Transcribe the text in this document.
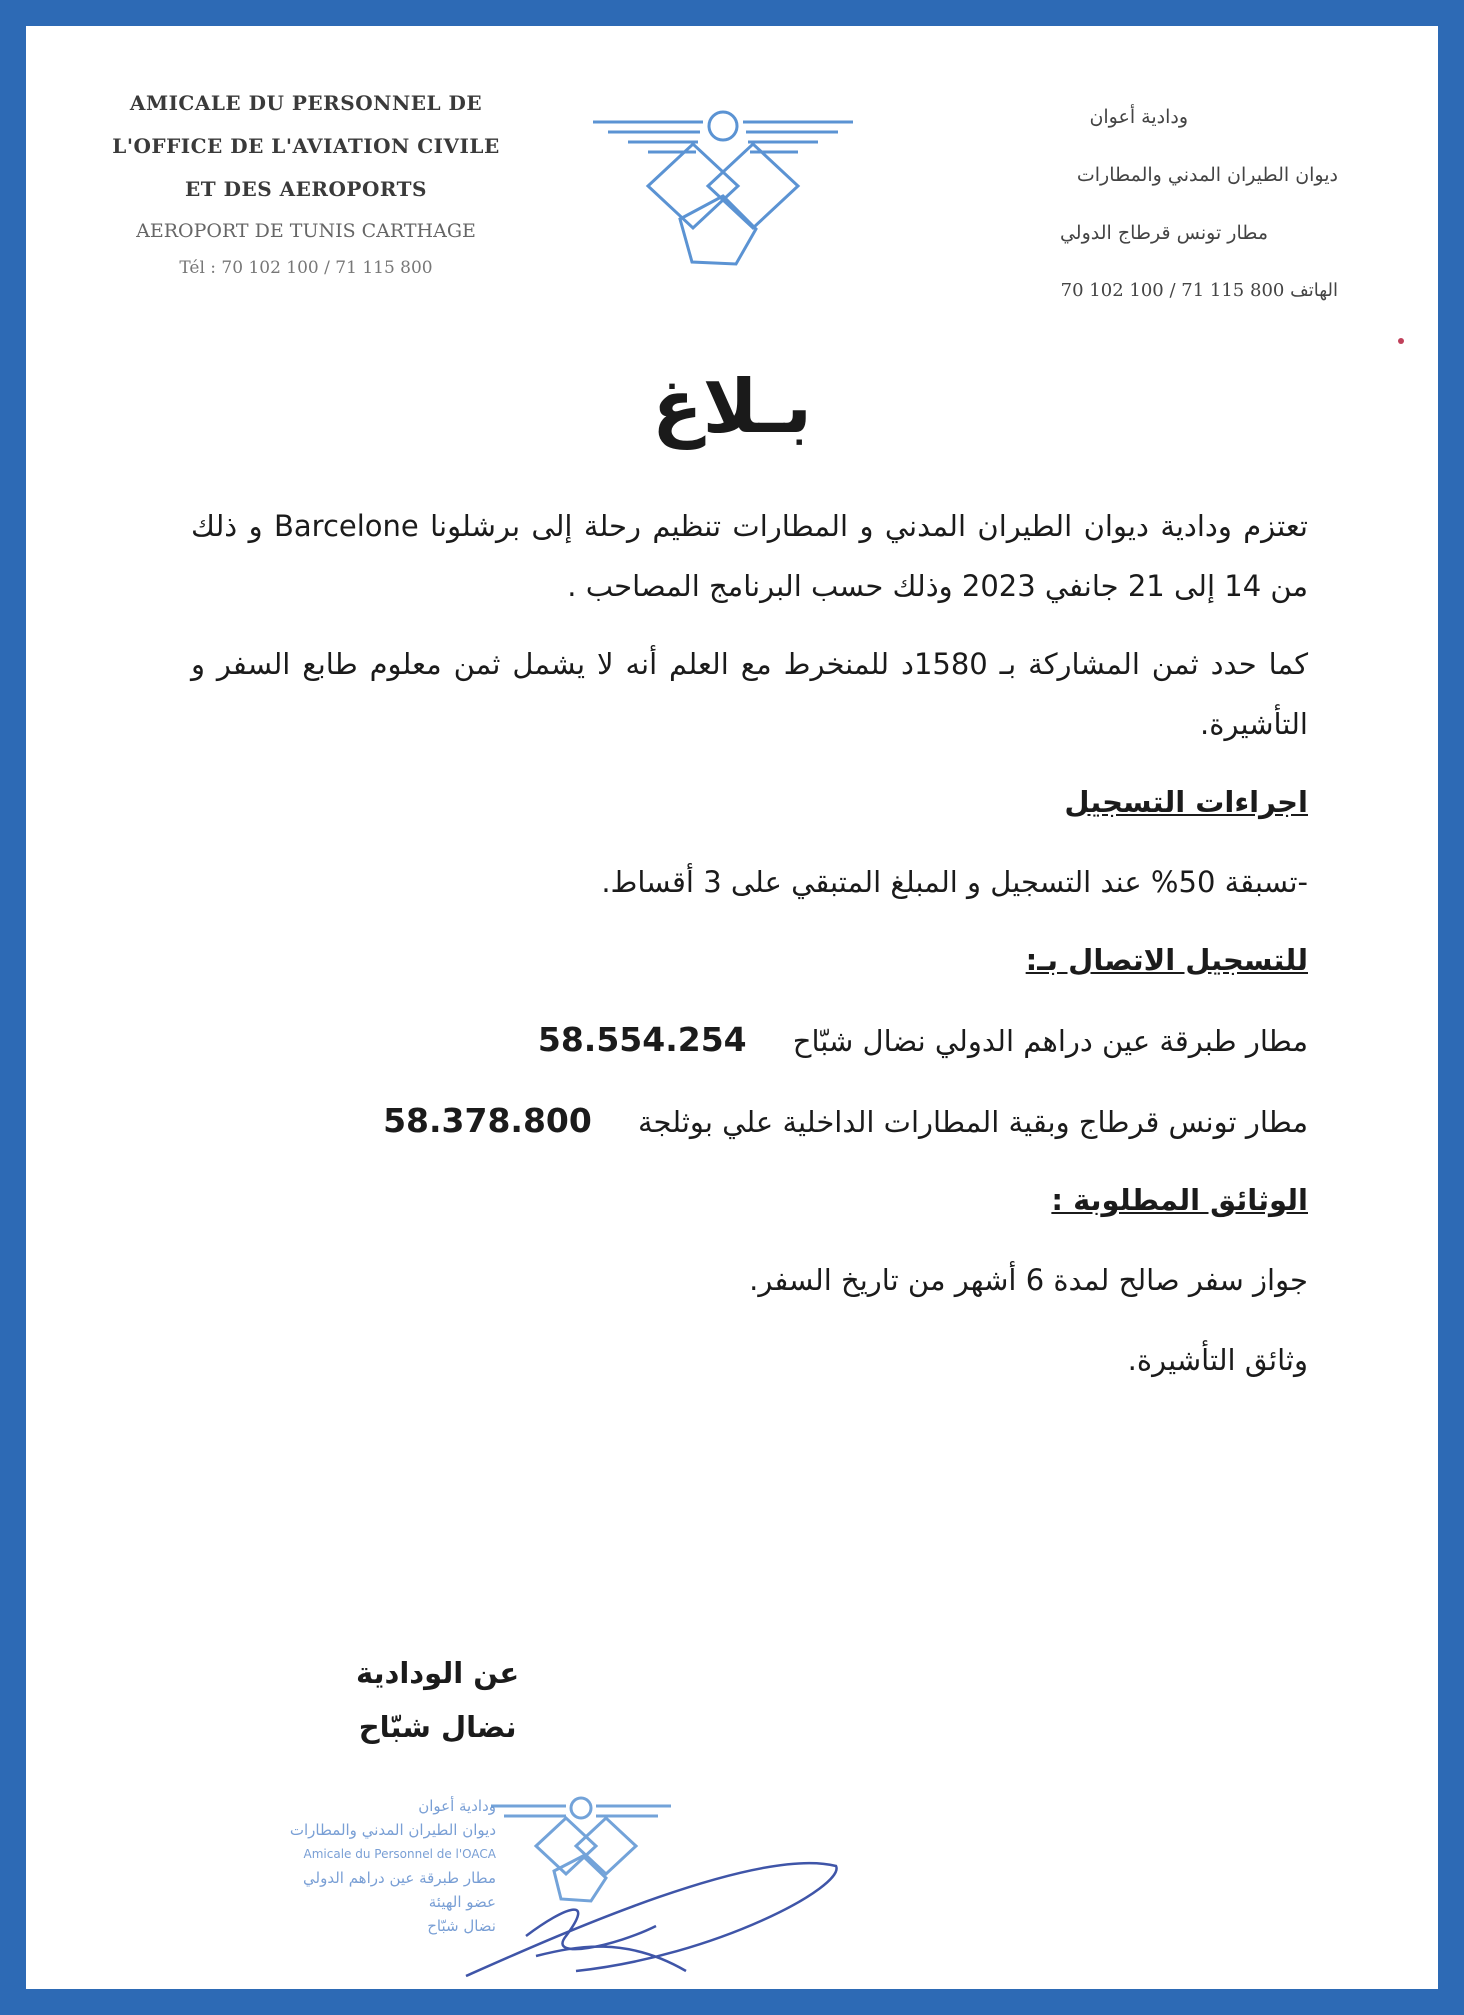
AMICALE DU PERSONNEL DE
L'OFFICE DE L'AVIATION CIVILE
ET DES AEROPORTS
AEROPORT DE TUNIS CARTHAGE
Tél : 70 102 100 / 71 115 800
ودادية أعوان
ديوان الطيران المدني والمطارات
مطار تونس قرطاج الدولي
الهاتف 800 115 71 / 100 102 70
بـلاغ

تعتزم ودادية ديوان الطيران المدني و المطارات تنظيم رحلة إلى برشلونا Barcelone و ذلك من 14 إلى 21 جانفي 2023 وذلك حسب البرنامج المصاحب .

كما حدد ثمن المشاركة بـ 1580د للمنخرط مع العلم أنه لا يشمل ثمن معلوم طابع السفر و التأشيرة.

اجراءات التسجيل

-تسبقة 50% عند التسجيل و المبلغ المتبقي على 3 أقساط.

للتسجيل الاتصال بـ:

مطار طبرقة عين دراهم الدولي نضال شبّاح     58.554.254

مطار تونس قرطاج وبقية المطارات الداخلية علي بوثلجة     58.378.800

الوثائق المطلوبة :

جواز سفر صالح لمدة 6 أشهر من تاريخ السفر.

وثائق التأشيرة.

عن الودادية
نضال شبّاح
ودادية أعوان
ديوان الطيران المدني والمطارات
Amicale du Personnel de l'OACA
مطار طبرقة عين دراهم الدولي
عضو الهيئة
نضال شبّاح
